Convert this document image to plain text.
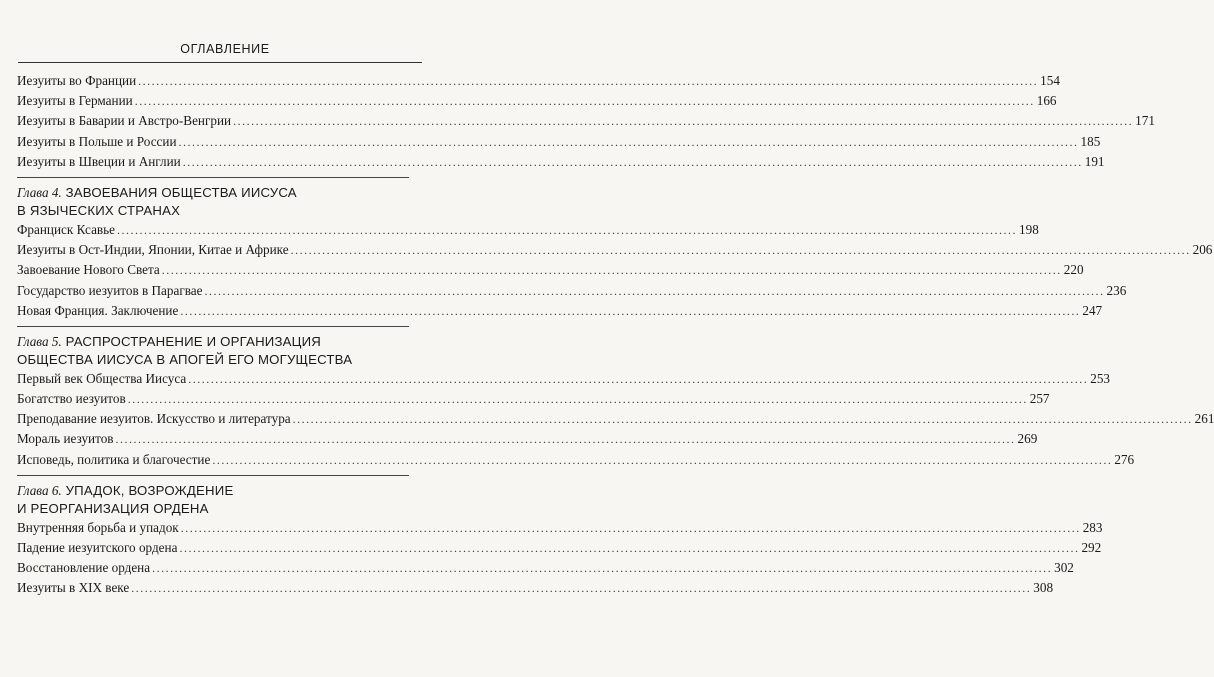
ОГЛАВЛЕНИЕ
Иезуиты во Франции ........................................................................................................................................................................................................ 154
Иезуиты в Германии ........................................................................................................................................................................................................ 166
Иезуиты в Баварии и Австро-Венгрии ........................................................................................................................................................................................................ 171
Иезуиты в Польше и России ........................................................................................................................................................................................................ 185
Иезуиты в Швеции и Англии ........................................................................................................................................................................................................ 191
Глава 4. ЗАВОЕВАНИЯ ОБЩЕСТВА ИИСУСА
В ЯЗЫЧЕСКИХ СТРАНАХ
Франциск Ксавье ........................................................................................................................................................................................................ 198
Иезуиты в Ост-Индии, Японии, Китае и Африке ........................................................................................................................................................................................................ 206
Завоевание Нового Света ........................................................................................................................................................................................................ 220
Государство иезуитов в Парагвае ........................................................................................................................................................................................................ 236
Новая Франция. Заключение ........................................................................................................................................................................................................ 247
Глава 5. РАСПРОСТРАНЕНИЕ И ОРГАНИЗАЦИЯ
ОБЩЕСТВА ИИСУСА В АПОГЕЙ ЕГО МОГУЩЕСТВА
Первый век Общества Иисуса ........................................................................................................................................................................................................ 253
Богатство иезуитов ........................................................................................................................................................................................................ 257
Преподавание иезуитов. Искусство и литература ........................................................................................................................................................................................................ 261
Мораль иезуитов ........................................................................................................................................................................................................ 269
Исповедь, политика и благочестие ........................................................................................................................................................................................................ 276
Глава 6. УПАДОК, ВОЗРОЖДЕНИЕ
И РЕОРГАНИЗАЦИЯ ОРДЕНА
Внутренняя борьба и упадок ........................................................................................................................................................................................................ 283
Падение иезуитского ордена ........................................................................................................................................................................................................ 292
Восстановление ордена ........................................................................................................................................................................................................ 302
Иезуиты в XIX веке ........................................................................................................................................................................................................ 308
